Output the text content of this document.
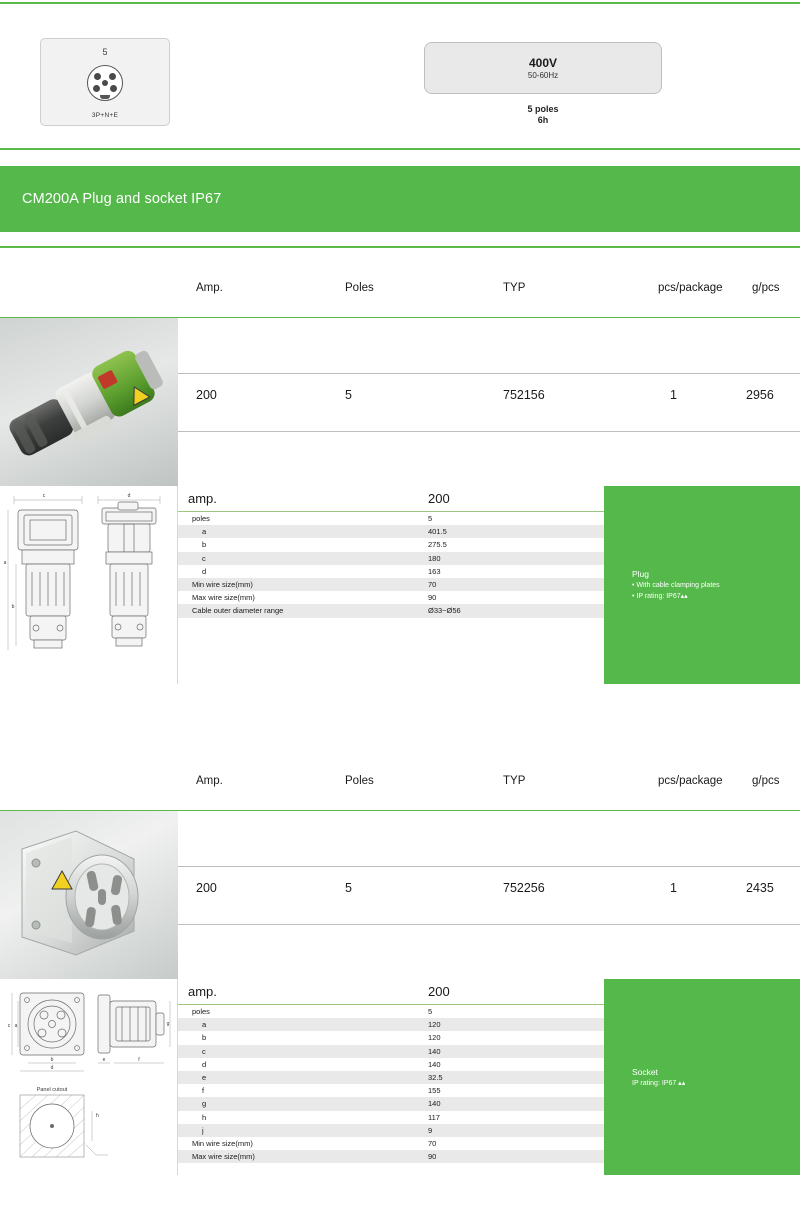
5
3P+N+E
400V
50-60Hz
5 poles
6h
CM200A Plug and socket IP67
Amp.	Poles	TYP	pcs/package	g/pcs
200	5	752156	1	2956
c
a
b
d	amp.	200
poles	5
a	401.5
b	275.5
c	180
d	163
Min wire size(mm)	70
Max wire size(mm)	90
Cable outer diameter range	Ø33~Ø56
Plug
• With cable clamping plates
• IP rating: IP67▴▴
Amp.	Poles	TYP	pcs/package	g/pcs
200	5	752256	1	2435
c a
b
d
e	f
g
Panel cutout
h
amp.	200
poles	5
a	120
b	120
c	140
d	140
e	32.5
f	155
g	140
h	117
j	9
Min wire size(mm)	70
Max wire size(mm)	90
Socket
IP rating: IP67 ▴▴
